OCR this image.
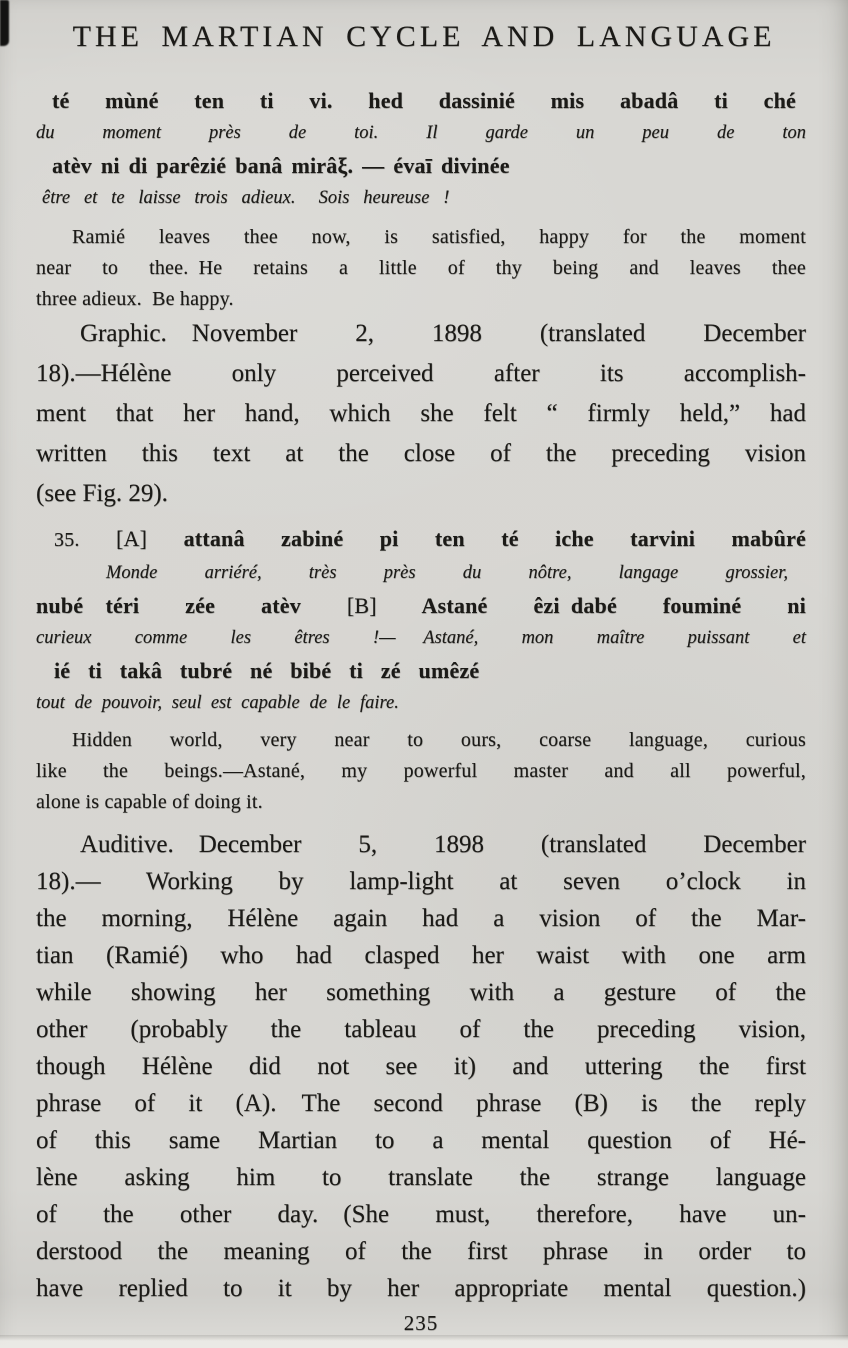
THE MARTIAN CYCLE AND LANGUAGE
té mùné ten ti vi. hed dassinié mis abadâ ti ché
du moment près de toi. Il garde un peu de ton
atèv ni di parêzié banâ mirâξ. — évaī divinée
être et te laisse trois adieux.  Sois heureuse !
Ramié leaves thee now, is satisfied, happy for the moment
near to thee. He retains a little of thy being and leaves thee
three adieux. Be happy.
Graphic. November 2, 1898 (translated December
18).—Hélène only perceived after its accomplish-
ment that her hand, which she felt “ firmly held,” had
written this text at the close of the preceding vision
(see Fig. 29).
35. [A] attanâ zabiné pi ten té iche tarvini mabûré
Monde arriéré, très près du nôtre, langage grossier,
nubé téri zée atèv [B] Astané êzi dabé fouminé ni
curieux comme les êtres !—  Astané, mon maître puissant et
ié ti takâ tubré né bibé ti zé umêzé
tout de pouvoir, seul est capable de le faire.
Hidden world, very near to ours, coarse language, curious
like the beings.—Astané, my powerful master and all powerful,
alone is capable of doing it.
Auditive. December 5, 1898 (translated December
18).— Working by lamp-light at seven o’clock in
the morning, Hélène again had a vision of the Mar-
tian (Ramié) who had clasped her waist with one arm
while showing her something with a gesture of the
other (probably the tableau of the preceding vision,
though Hélène did not see it) and uttering the first
phrase of it (A). The second phrase (B) is the reply
of this same Martian to a mental question of Hé-
lène asking him to translate the strange language
of the other day. (She must, therefore, have un-
derstood the meaning of the first phrase in order to
have replied to it by her appropriate mental question.)
235
